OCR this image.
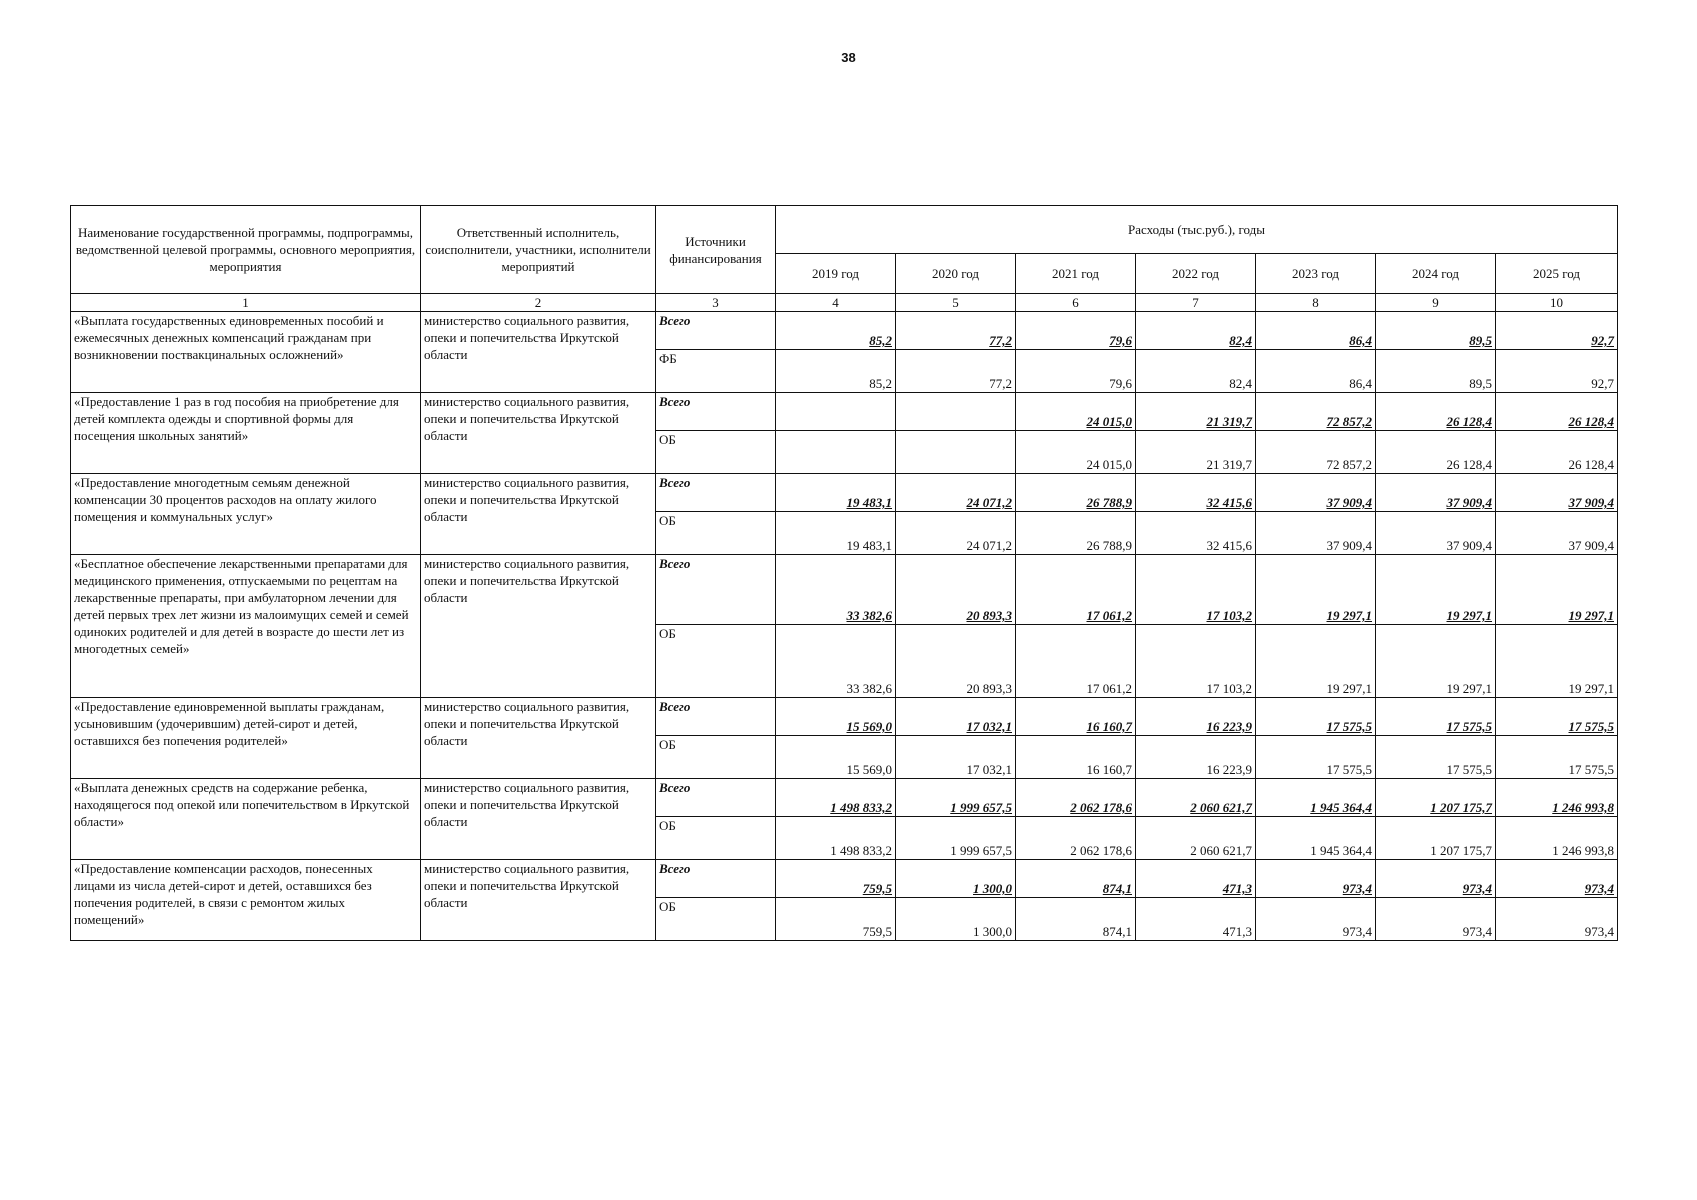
38
Наименование государственной программы, подпрограммы, ведомственной целевой программы, основного мероприятия, мероприятия	Ответственный исполнитель, соисполнители, участники, исполнители мероприятий	Источники финансирования	Расходы (тыс.руб.), годы						
			2019 год	2020 год	2021 год	2022 год	2023 год	2024 год	2025 год
1	2	3	4	5	6	7	8	9	10
«Выплата государственных единовременных пособий и ежемесячных денежных компенсаций гражданам при возникновении поствакцинальных осложнений»	министерство социального развития, опеки и попечительства Иркутской области	Всего	85,2	77,2	79,6	82,4	86,4	89,5	92,7
		ФБ	85,2	77,2	79,6	82,4	86,4	89,5	92,7
«Предоставление 1 раз в год пособия на приобретение для детей комплекта одежды и спортивной формы для посещения школьных занятий»	министерство социального развития, опеки и попечительства Иркутской области	Всего			24 015,0	21 319,7	72 857,2	26 128,4	26 128,4
		ОБ			24 015,0	21 319,7	72 857,2	26 128,4	26 128,4
«Предоставление многодетным семьям денежной компенсации 30 процентов расходов на оплату жилого помещения и коммунальных услуг»	министерство социального развития, опеки и попечительства Иркутской области	Всего	19 483,1	24 071,2	26 788,9	32 415,6	37 909,4	37 909,4	37 909,4
		ОБ	19 483,1	24 071,2	26 788,9	32 415,6	37 909,4	37 909,4	37 909,4
«Бесплатное обеспечение лекарственными препаратами для медицинского применения, отпускаемыми по рецептам на лекарственные препараты, при амбулаторном лечении для детей первых трех лет жизни из малоимущих семей и семей одиноких родителей и для детей в возрасте до шести лет из многодетных семей»	министерство социального развития, опеки и попечительства Иркутской области	Всего	33 382,6	20 893,3	17 061,2	17 103,2	19 297,1	19 297,1	19 297,1
		ОБ	33 382,6	20 893,3	17 061,2	17 103,2	19 297,1	19 297,1	19 297,1
«Предоставление единовременной выплаты гражданам, усыновившим (удочерившим) детей-сирот и детей, оставшихся без попечения родителей»	министерство социального развития, опеки и попечительства Иркутской области	Всего	15 569,0	17 032,1	16 160,7	16 223,9	17 575,5	17 575,5	17 575,5
		ОБ	15 569,0	17 032,1	16 160,7	16 223,9	17 575,5	17 575,5	17 575,5
«Выплата денежных средств на содержание ребенка, находящегося под опекой или попечительством в Иркутской области»	министерство социального развития, опеки и попечительства Иркутской области	Всего	1 498 833,2	1 999 657,5	2 062 178,6	2 060 621,7	1 945 364,4	1 207 175,7	1 246 993,8
		ОБ	1 498 833,2	1 999 657,5	2 062 178,6	2 060 621,7	1 945 364,4	1 207 175,7	1 246 993,8
«Предоставление компенсации расходов, понесенных лицами из числа детей-сирот и детей, оставшихся без попечения родителей, в связи с ремонтом жилых помещений»	министерство социального развития, опеки и попечительства Иркутской области	Всего	759,5	1 300,0	874,1	471,3	973,4	973,4	973,4
		ОБ	759,5	1 300,0	874,1	471,3	973,4	973,4	973,4
